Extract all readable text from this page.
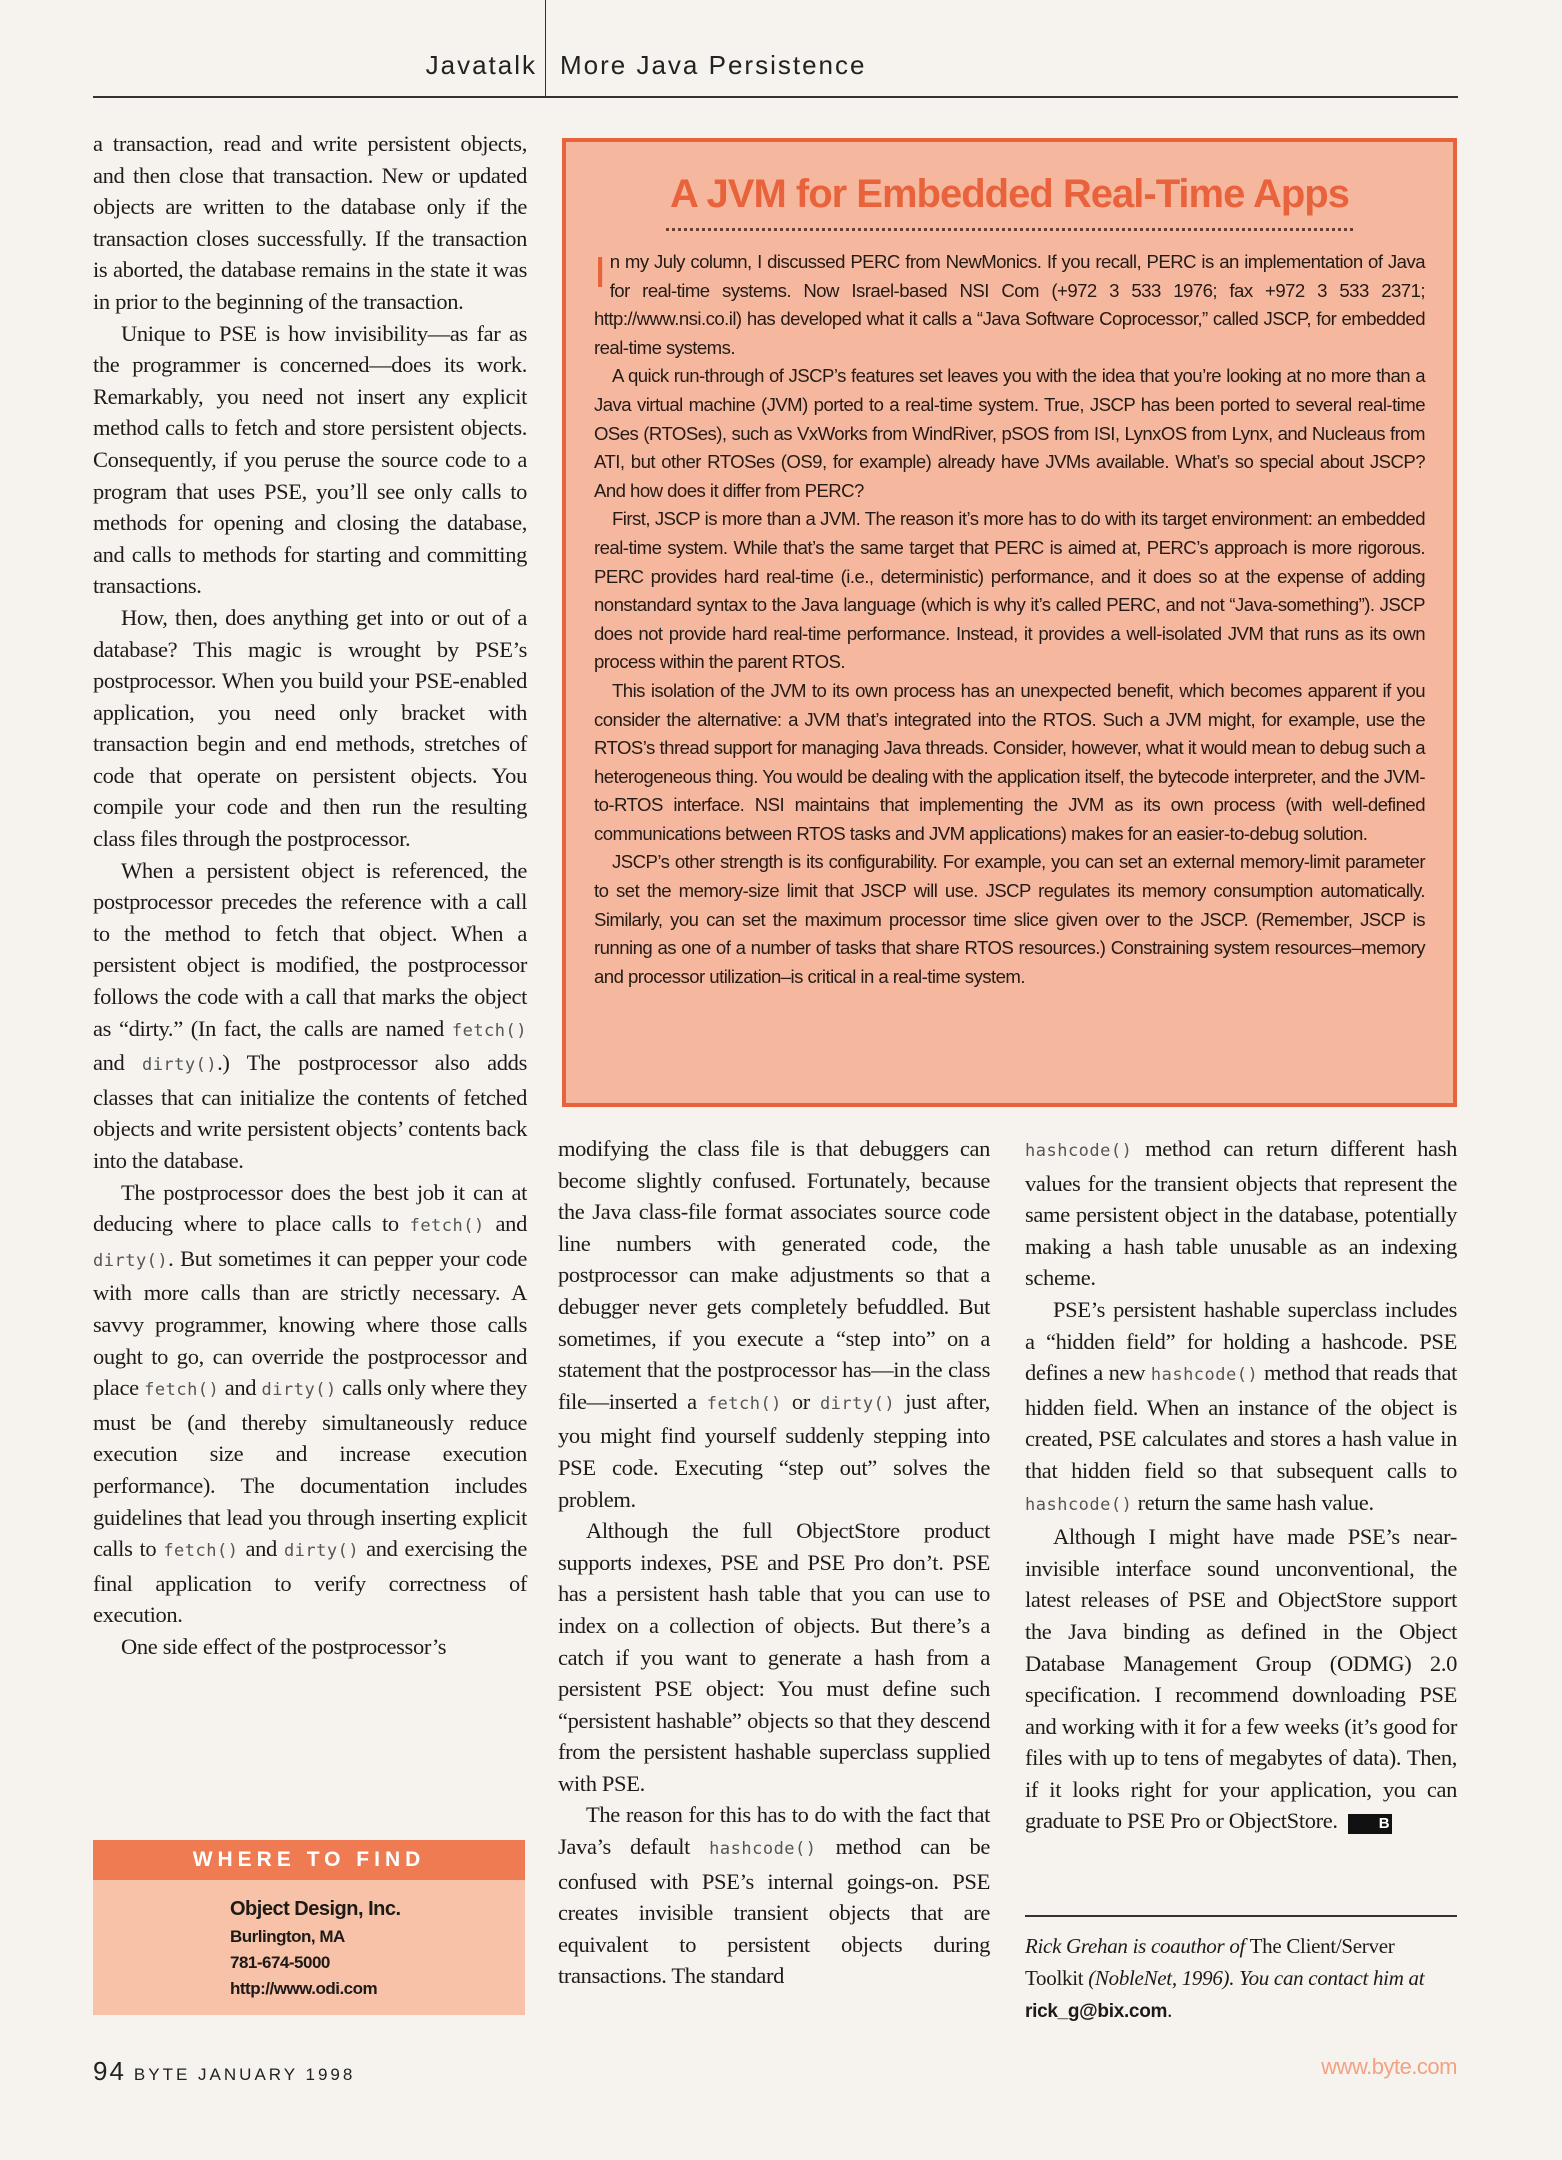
Javatalk More Java Persistence

a transaction, read and write persistent objects, and then close that transaction. New or updated objects are written to the database only if the transaction closes successfully. If the transaction is aborted, the database remains in the state it was in prior to the beginning of the transaction.

Unique to PSE is how invisibility—as far as the programmer is concerned—does its work. Remarkably, you need not insert any explicit method calls to fetch and store persistent objects. Consequently, if you peruse the source code to a program that uses PSE, you’ll see only calls to methods for opening and closing the database, and calls to methods for starting and committing transactions.

How, then, does anything get into or out of a database? This magic is wrought by PSE’s postprocessor. When you build your PSE-enabled application, you need only bracket with transaction begin and end methods, stretches of code that operate on persistent objects. You compile your code and then run the resulting class files through the postprocessor.

When a persistent object is referenced, the postprocessor precedes the reference with a call to the method to fetch that object. When a persistent object is modified, the postprocessor follows the code with a call that marks the object as “dirty.” (In fact, the calls are named fetch() and dirty().) The postprocessor also adds classes that can initialize the contents of fetched objects and write persistent objects’ contents back into the database.

The postprocessor does the best job it can at deducing where to place calls to fetch() and dirty(). But sometimes it can pepper your code with more calls than are strictly necessary. A savvy programmer, knowing where those calls ought to go, can override the postprocessor and place fetch() and dirty() calls only where they must be (and thereby simultaneously reduce execution size and increase execution performance). The documentation includes guidelines that lead you through inserting explicit calls to fetch() and dirty() and exercising the final application to verify correctness of execution.

One side effect of the postprocessor’s

modifying the class file is that debuggers can become slightly confused. Fortunately, because the Java class-file format associates source code line numbers with generated code, the postprocessor can make adjustments so that a debugger never gets completely befuddled. But sometimes, if you execute a “step into” on a statement that the postprocessor has—in the class file—inserted a fetch() or dirty() just after, you might find yourself suddenly stepping into PSE code. Executing “step out” solves the problem.

Although the full ObjectStore product supports indexes, PSE and PSE Pro don’t. PSE has a persistent hash table that you can use to index on a collection of objects. But there’s a catch if you want to generate a hash from a persistent PSE object: You must define such “persistent hashable” objects so that they descend from the persistent hashable superclass supplied with PSE.

The reason for this has to do with the fact that Java’s default hashcode() method can be confused with PSE’s internal goings-on. PSE creates invisible transient objects that are equivalent to persistent objects during transactions. The standard

hashcode() method can return different hash values for the transient objects that represent the same persistent object in the database, potentially making a hash table unusable as an indexing scheme.

PSE’s persistent hashable superclass includes a “hidden field” for holding a hashcode. PSE defines a new hashcode() method that reads that hidden field. When an instance of the object is created, PSE calculates and stores a hash value in that hidden field so that subsequent calls to hashcode() return the same hash value.

Although I might have made PSE’s near-invisible interface sound unconventional, the latest releases of PSE and ObjectStore support the Java binding as defined in the Object Database Management Group (ODMG) 2.0 specification. I recommend downloading PSE and working with it for a few weeks (it’s good for files with up to tens of megabytes of data). Then, if it looks right for your application, you can graduate to PSE Pro or ObjectStore.	B

Rick Grehan is coauthor of The Client/Server Toolkit (NobleNet, 1996). You can contact him at rick_g@bix.com.
A JVM for Embedded Real-Time Apps

In my July column, I discussed PERC from NewMonics. If you recall, PERC is an implementation of Java for real-time systems. Now Israel-based NSI Com (+972 3 533 1976; fax +972 3 533 2371; http://www.nsi.co.il) has developed what it calls a “Java Software Coprocessor,” called JSCP, for embedded real-time systems.

A quick run-through of JSCP’s features set leaves you with the idea that you’re looking at no more than a Java virtual machine (JVM) ported to a real-time system. True, JSCP has been ported to several real-time OSes (RTOSes), such as VxWorks from WindRiver, pSOS from ISI, LynxOS from Lynx, and Nucleaus from ATI, but other RTOSes (OS9, for example) already have JVMs available. What’s so special about JSCP? And how does it differ from PERC?

First, JSCP is more than a JVM. The reason it’s more has to do with its target environment: an embedded real-time system. While that’s the same target that PERC is aimed at, PERC’s approach is more rigorous. PERC provides hard real-time (i.e., deterministic) performance, and it does so at the expense of adding nonstandard syntax to the Java language (which is why it’s called PERC, and not “Java-something”). JSCP does not provide hard real-time performance. Instead, it provides a well-isolated JVM that runs as its own process within the parent RTOS.

This isolation of the JVM to its own process has an unexpected benefit, which becomes apparent if you consider the alternative: a JVM that’s integrated into the RTOS. Such a JVM might, for example, use the RTOS’s thread support for managing Java threads. Consider, however, what it would mean to debug such a heterogeneous thing. You would be dealing with the application itself, the bytecode interpreter, and the JVM-to-RTOS interface. NSI maintains that implementing the JVM as its own process (with well-defined communications between RTOS tasks and JVM applications) makes for an easier-to-debug solution.

JSCP’s other strength is its configurability. For example, you can set an external memory-limit parameter to set the memory-size limit that JSCP will use. JSCP regulates its memory consumption automatically. Similarly, you can set the maximum processor time slice given over to the JSCP. (Remember, JSCP is running as one of a number of tasks that share RTOS resources.) Constraining system resources–memory and processor utilization–is critical in a real-time system.

WHERE TO FIND
Object Design, Inc.
Burlington, MA
781-674-5000
http://www.odi.com
94 BYTE JANUARY 1998	www.byte.com
